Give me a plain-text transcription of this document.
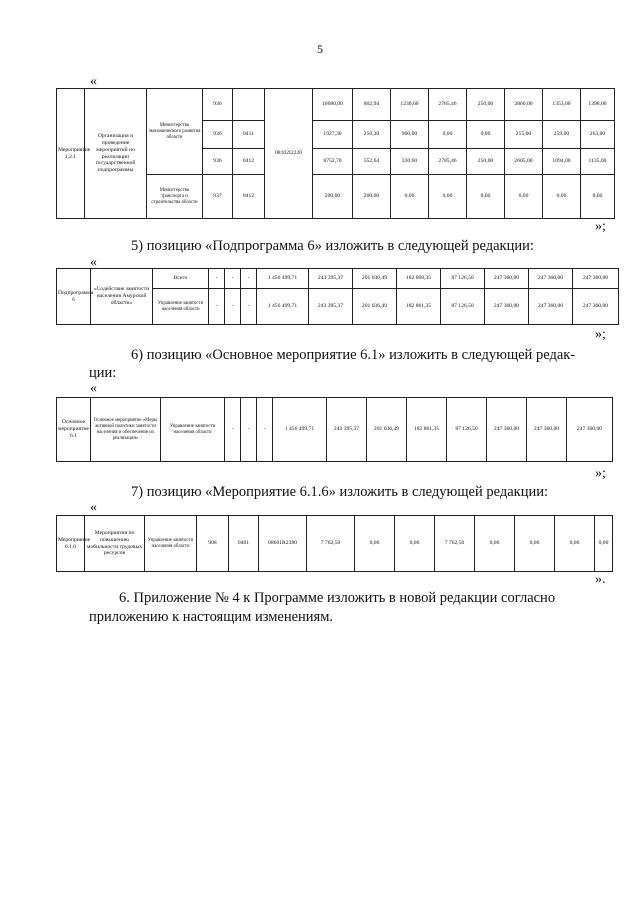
5
«
Мероприятие 1.2.1	Организация и проведение мероприятий по реализации государственной подпрограммы	Министерство экономического развития области	936		08102I2220	10680,00	802,94	1230,60	2785,46	250,00	2860,00	1353,00	1398,00
			936	0411		1927,30	250,30	900,00	0,00	0,00	255,00	259,00	263,00
			936	0412		8752,70	552,64	330,60	2785,46	250,00	2605,00	1094,00	1135,00
		Министерство транспорта и строительства области	937	0412		200,00	200,00	0,00	0,00	0,00	0,00	0,00	0,00
»;
5) позицию «Подпрограмма 6» изложить в следующей редакции:
«
Подпрограмма 6	«Содействие занятости населения Амурской области»	Всего	-	-	-	1 456 499,71	243 395,37	201 036,49	182 868,35	87 126,50	247 360,00	247 360,00	247 360,00
		Управление занятости населения области	-	-	-	1 456 499,71	243 395,37	201 036,49	182 861,35	87 126,50	247 360,00	247 360,00	247 360,00
»;
6) позицию «Основное мероприятие 6.1» изложить в следующей редак-
ции:
«
Основное мероприятие 6.1	Основное мероприятие «Меры активной политики занятости населения и обеспечение их реализации»	Управление занятости населения области	-	-	-	1 456 499,71	243 395,37	201 036,49	182 861,35	87 126,50	247 360,00	247 360,00	247 360,00
»;
7) позицию «Мероприятие 6.1.6» изложить в следующей редакции:
«
Мероприятие 6.1.6	Мероприятия по повышению мобильности трудовых ресурсов	Управление занятости населения области	908	0401	08601R2380	7 762,50	0,00	0,00	7 762,50	0,00	0,00	0,00	0,00
».
6. Приложение № 4 к Программе изложить в новой редакции согласно
приложению к настоящим изменениям.
